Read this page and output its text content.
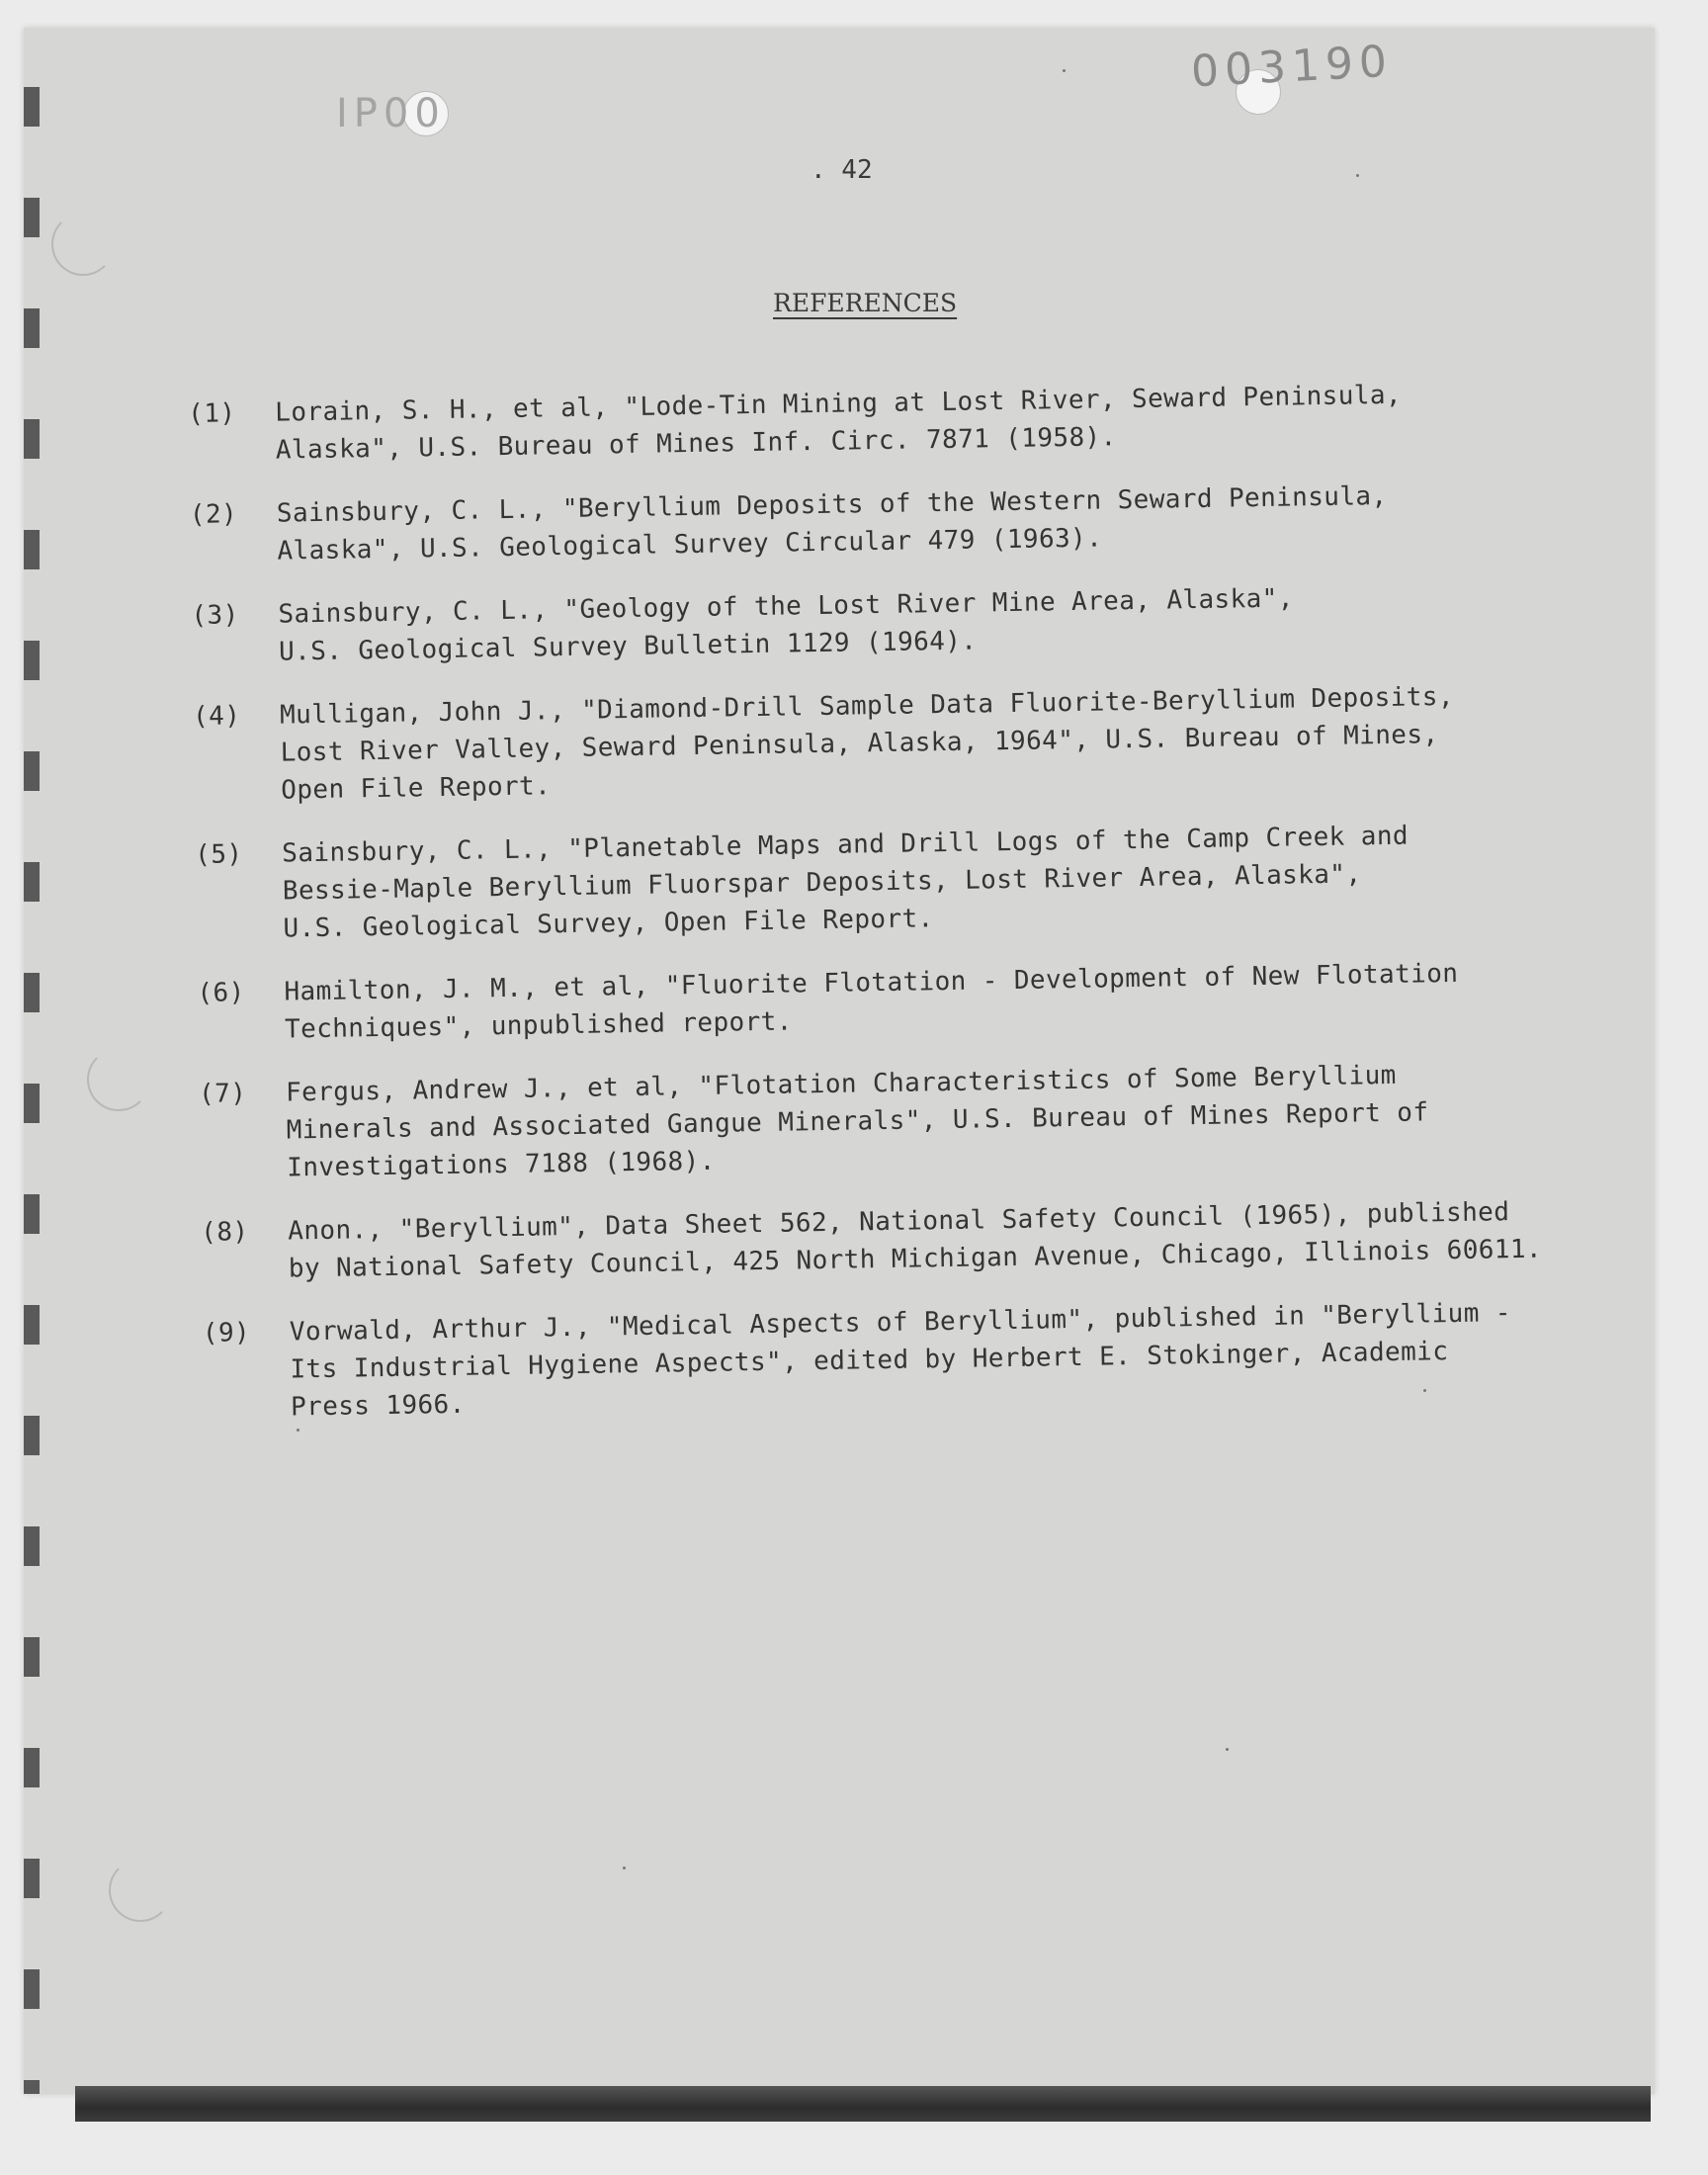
IP00
003190
. 42
REFERENCES
(1)	Lorain, S. H., et al, "Lode-Tin Mining at Lost River, Seward Peninsula,
Alaska", U.S. Bureau of Mines Inf. Circ. 7871 (1958).
(2)	Sainsbury, C. L., "Beryllium Deposits of the Western Seward Peninsula,
Alaska", U.S. Geological Survey Circular 479 (1963).
(3)	Sainsbury, C. L., "Geology of the Lost River Mine Area, Alaska",
U.S. Geological Survey Bulletin 1129 (1964).
(4)	Mulligan, John J., "Diamond-Drill Sample Data Fluorite-Beryllium Deposits,
Lost River Valley, Seward Peninsula, Alaska, 1964", U.S. Bureau of Mines,
Open File Report.
(5)	Sainsbury, C. L., "Planetable Maps and Drill Logs of the Camp Creek and
Bessie-Maple Beryllium Fluorspar Deposits, Lost River Area, Alaska",
U.S. Geological Survey, Open File Report.
(6)	Hamilton, J. M., et al, "Fluorite Flotation - Development of New Flotation
Techniques", unpublished report.
(7)	Fergus, Andrew J., et al, "Flotation Characteristics of Some Beryllium
Minerals and Associated Gangue Minerals", U.S. Bureau of Mines Report of
Investigations 7188 (1968).
(8)	Anon., "Beryllium", Data Sheet 562, National Safety Council (1965), published
by National Safety Council, 425 North Michigan Avenue, Chicago, Illinois 60611.
(9)	Vorwald, Arthur J., "Medical Aspects of Beryllium", published in "Beryllium -
Its Industrial Hygiene Aspects", edited by Herbert E. Stokinger, Academic
Press 1966.
